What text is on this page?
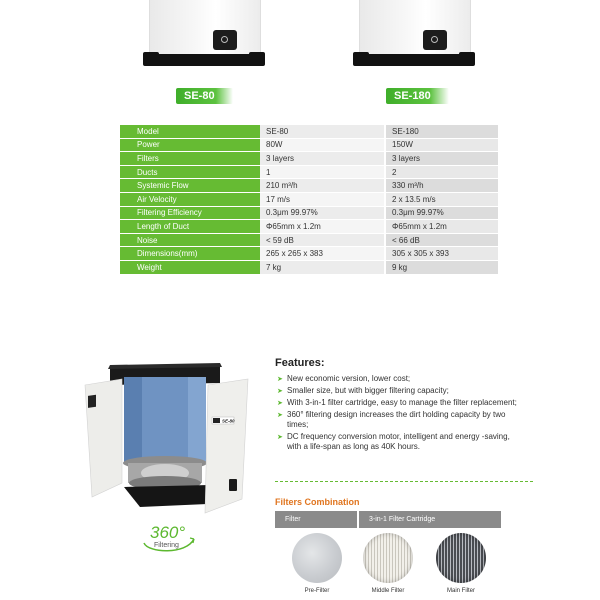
SE-80	SE-180
Model	SE-80	SE-180
Power	80W	150W
Filters	3 layers	3 layers
Ducts	1	2
Systemic Flow	210 m³/h	330 m³/h
Air Velocity	17 m/s	2 x 13.5 m/s
Filtering Efficiency	0.3μm 99.97%	0.3μm 99.97%
Length of Duct	Φ65mm x 1.2m	Φ65mm x 1.2m
Noise	< 59 dB	< 66 dB
Dimensions(mm)	265 x 265 x 383	305 x 305 x 393
Weight	7 kg	9 kg
SE-80
360°
Filtering
Features:
➤ New economic version, lower cost;
➤ Smaller size, but with bigger filtering capacity;
➤ With 3-in-1 filter cartridge, easy to manage the filter replacement;
➤ 360° filtering design increases the dirt holding capacity by two times;
➤ DC frequency conversion motor, intelligent and energy -saving, with a life-span as long as 40K hours.
Filters Combination
Filter	3-in-1 Filter Cartridge
Pre-Filter	Middle Filter	Main Filter
